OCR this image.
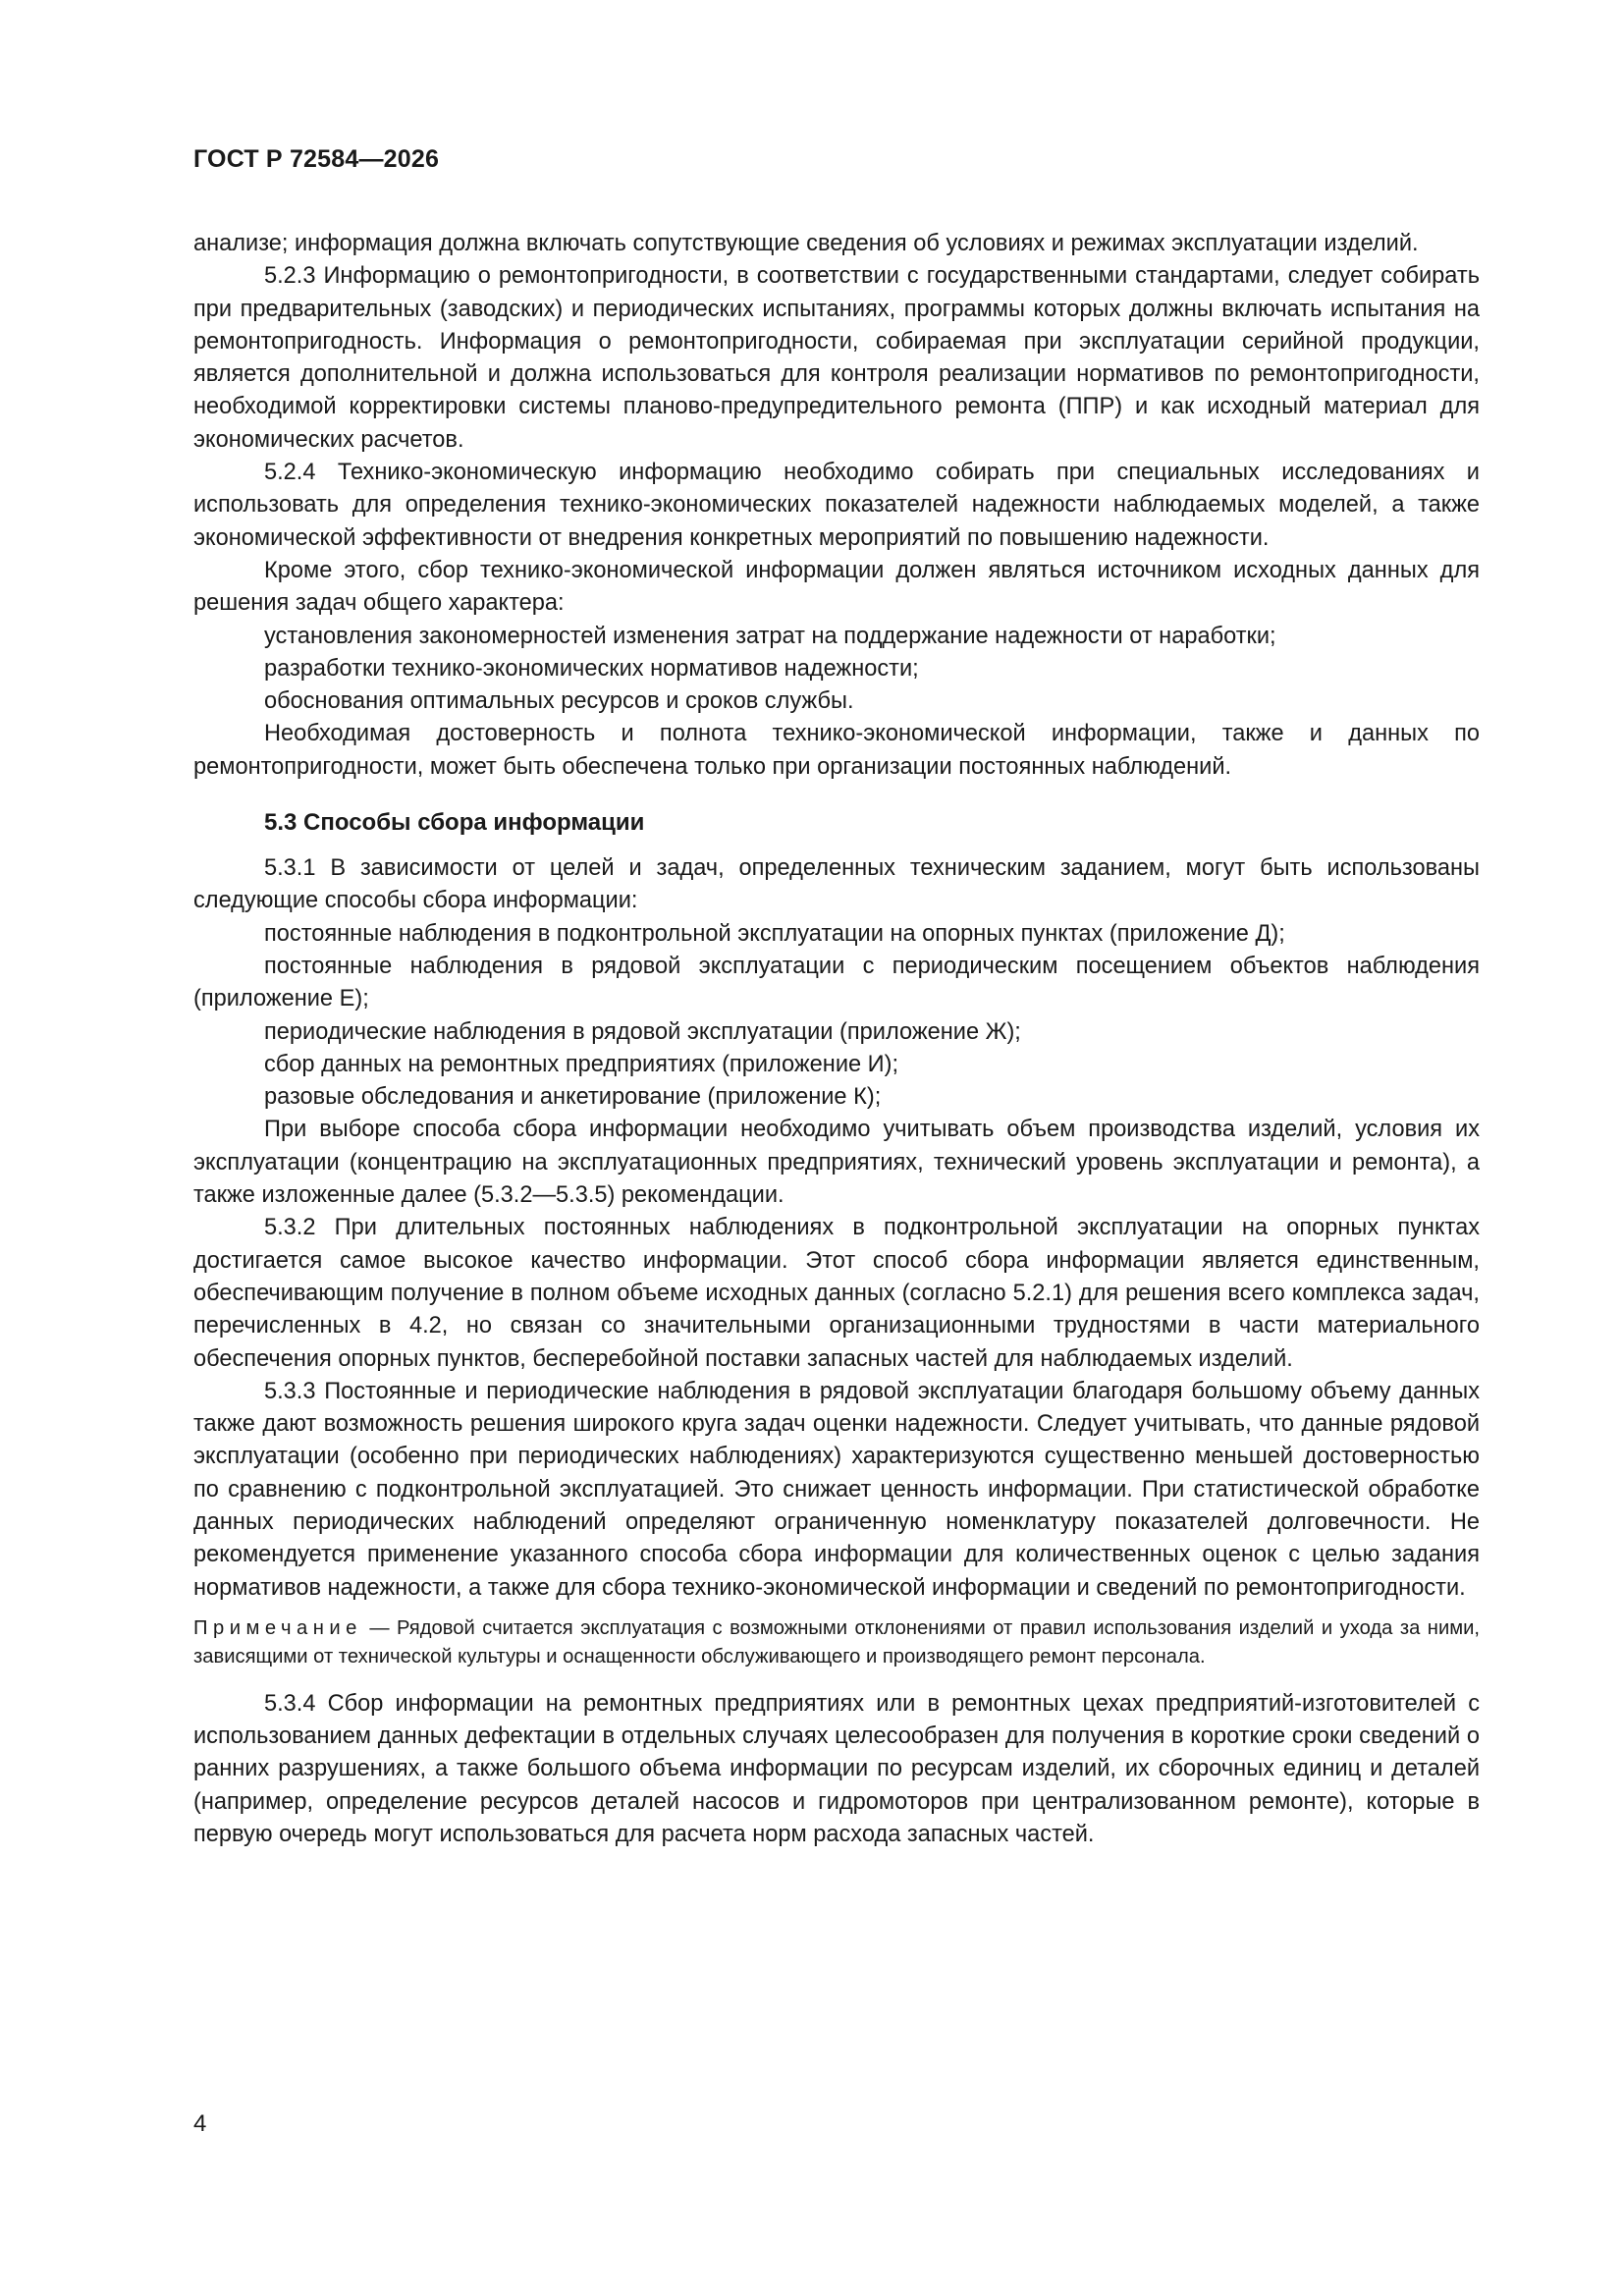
ГОСТ Р 72584—2026

анализе; информация должна включать сопутствующие сведения об условиях и режимах эксплуатации изделий.

5.2.3 Информацию о ремонтопригодности, в соответствии с государственными стандартами, следует собирать при предварительных (заводских) и периодических испытаниях, программы которых должны включать испытания на ремонтопригодность. Информация о ремонтопригодности, собираемая при эксплуатации серийной продукции, является дополнительной и должна использоваться для контроля реализации нормативов по ремонтопригодности, необходимой корректировки системы планово-предупредительного ремонта (ППР) и как исходный материал для экономических расчетов.

5.2.4 Технико-экономическую информацию необходимо собирать при специальных исследованиях и использовать для определения технико-экономических показателей надежности наблюдаемых моделей, а также экономической эффективности от внедрения конкретных мероприятий по повышению надежности.

Кроме этого, сбор технико-экономической информации должен являться источником исходных данных для решения задач общего характера:

установления закономерностей изменения затрат на поддержание надежности от наработки;

разработки технико-экономических нормативов надежности;

обоснования оптимальных ресурсов и сроков службы.

Необходимая достоверность и полнота технико-экономической информации, также и данных по ремонтопригодности, может быть обеспечена только при организации постоянных наблюдений.

5.3 Способы сбора информации

5.3.1 В зависимости от целей и задач, определенных техническим заданием, могут быть использованы следующие способы сбора информации:

постоянные наблюдения в подконтрольной эксплуатации на опорных пунктах (приложение Д);

постоянные наблюдения в рядовой эксплуатации с периодическим посещением объектов наблюдения (приложение Е);

периодические наблюдения в рядовой эксплуатации (приложение Ж);

сбор данных на ремонтных предприятиях (приложение И);

разовые обследования и анкетирование (приложение К);

При выборе способа сбора информации необходимо учитывать объем производства изделий, условия их эксплуатации (концентрацию на эксплуатационных предприятиях, технический уровень эксплуатации и ремонта), а также изложенные далее (5.3.2—5.3.5) рекомендации.

5.3.2 При длительных постоянных наблюдениях в подконтрольной эксплуатации на опорных пунктах достигается самое высокое качество информации. Этот способ сбора информации является единственным, обеспечивающим получение в полном объеме исходных данных (согласно 5.2.1) для решения всего комплекса задач, перечисленных в 4.2, но связан со значительными организационными трудностями в части материального обеспечения опорных пунктов, бесперебойной поставки запасных частей для наблюдаемых изделий.

5.3.3 Постоянные и периодические наблюдения в рядовой эксплуатации благодаря большому объему данных также дают возможность решения широкого круга задач оценки надежности. Следует учитывать, что данные рядовой эксплуатации (особенно при периодических наблюдениях) характеризуются существенно меньшей достоверностью по сравнению с подконтрольной эксплуатацией. Это снижает ценность информации. При статистической обработке данных периодических наблюдений определяют ограниченную номенклатуру показателей долговечности. Не рекомендуется применение указанного способа сбора информации для количественных оценок с целью задания нормативов надежности, а также для сбора технико-экономической информации и сведений по ремонтопригодности.

Примечание — Рядовой считается эксплуатация с возможными отклонениями от правил использования изделий и ухода за ними, зависящими от технической культуры и оснащенности обслуживающего и производящего ремонт персонала.

5.3.4 Сбор информации на ремонтных предприятиях или в ремонтных цехах предприятий-изготовителей с использованием данных дефектации в отдельных случаях целесообразен для получения в короткие сроки сведений о ранних разрушениях, а также большого объема информации по ресурсам изделий, их сборочных единиц и деталей (например, определение ресурсов деталей насосов и гидромоторов при централизованном ремонте), которые в первую очередь могут использоваться для расчета норм расхода запасных частей.

4
